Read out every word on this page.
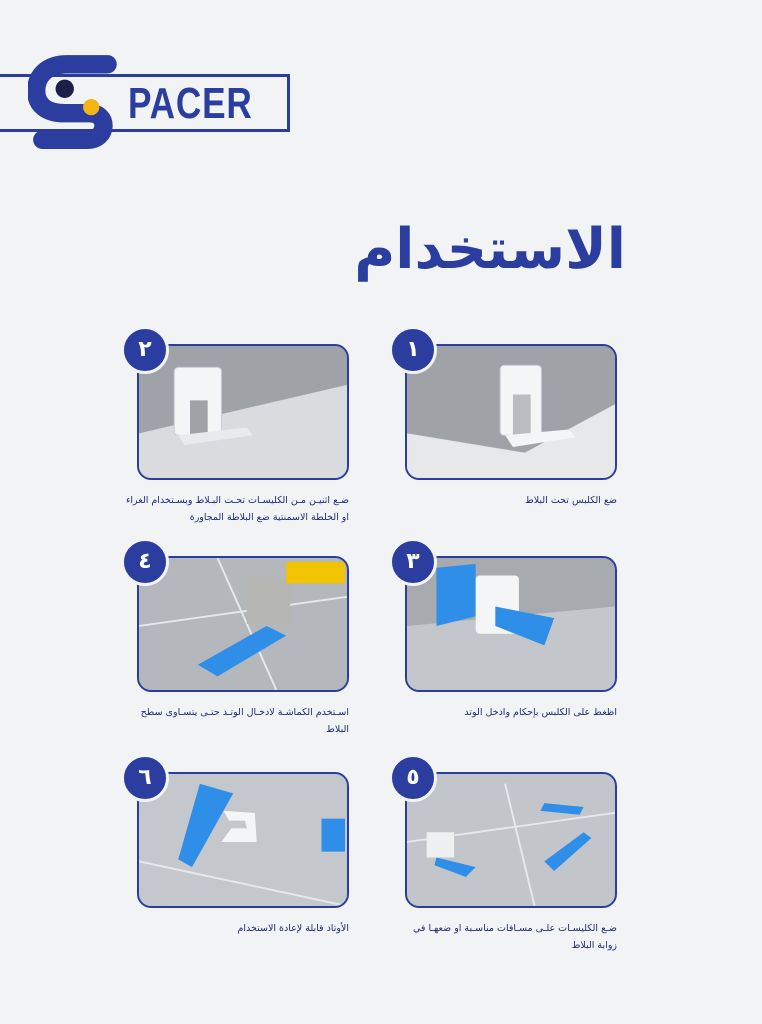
PACER
الاستخدام
١
ضع الكلبس تحت البلاط
٢
ضـع اثنيـن مـن الكليسـات تحـت البـلاط وبسـتخدام الغراء او الخلطة الاسمنتية ضع البلاطة المجاورة
٣
اظغط على الكلبس بإحكام وادخل الوتد
٤
اسـتخدم الكماشـة لادخـال الوتـد حتـى يتسـاوى سطح البلاط
٥
ضـع الكليسـات علـى مسـافات مناسـبة او ضعهـا في زوابة البلاط
٦
الأوتاد قابلة لإعادة الاستخدام
